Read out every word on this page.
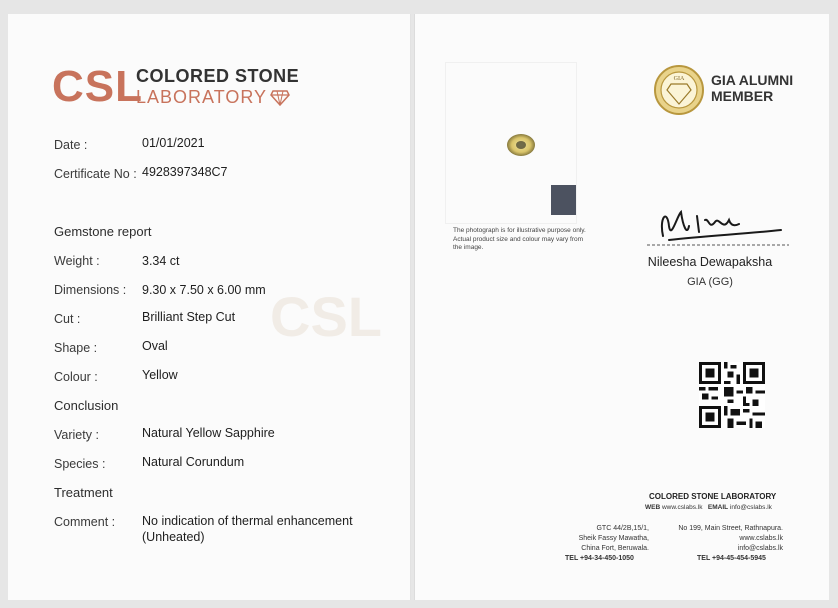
CSL
CSL
COLORED STONE
LABORATORY
Date :	01/01/2021
Certificate No : 4928397348C7
Gemstone report
Weight :	3.34 ct
Dimensions : 9.30 x 7.50 x 6.00 mm
Cut :	Brilliant Step Cut
Shape :	Oval
Colour :	Yellow
Conclusion
Variety :	Natural Yellow Sapphire
Species :	Natural Corundum
Treatment
Comment : No indication of thermal enhancement
(Unheated)
The photograph is for illustrative purpose only.
Actual product size and colour may vary from
the image.
GIA GIA ALUMNI
MEMBER
Nileesha Dewapaksha
GIA (GG)
COLORED STONE LABORATORY
WEB www.cslabs.lk EMAIL info@cslabs.lk
GTC 44/2B,15/1,
Sheik Fassy Mawatha,
China Fort, Beruwala.
No 199, Main Street, Rathnapura.
www.cslabs.lk
info@cslabs.lk
TEL +94-34-450-1050	TEL +94-45-454-5945
